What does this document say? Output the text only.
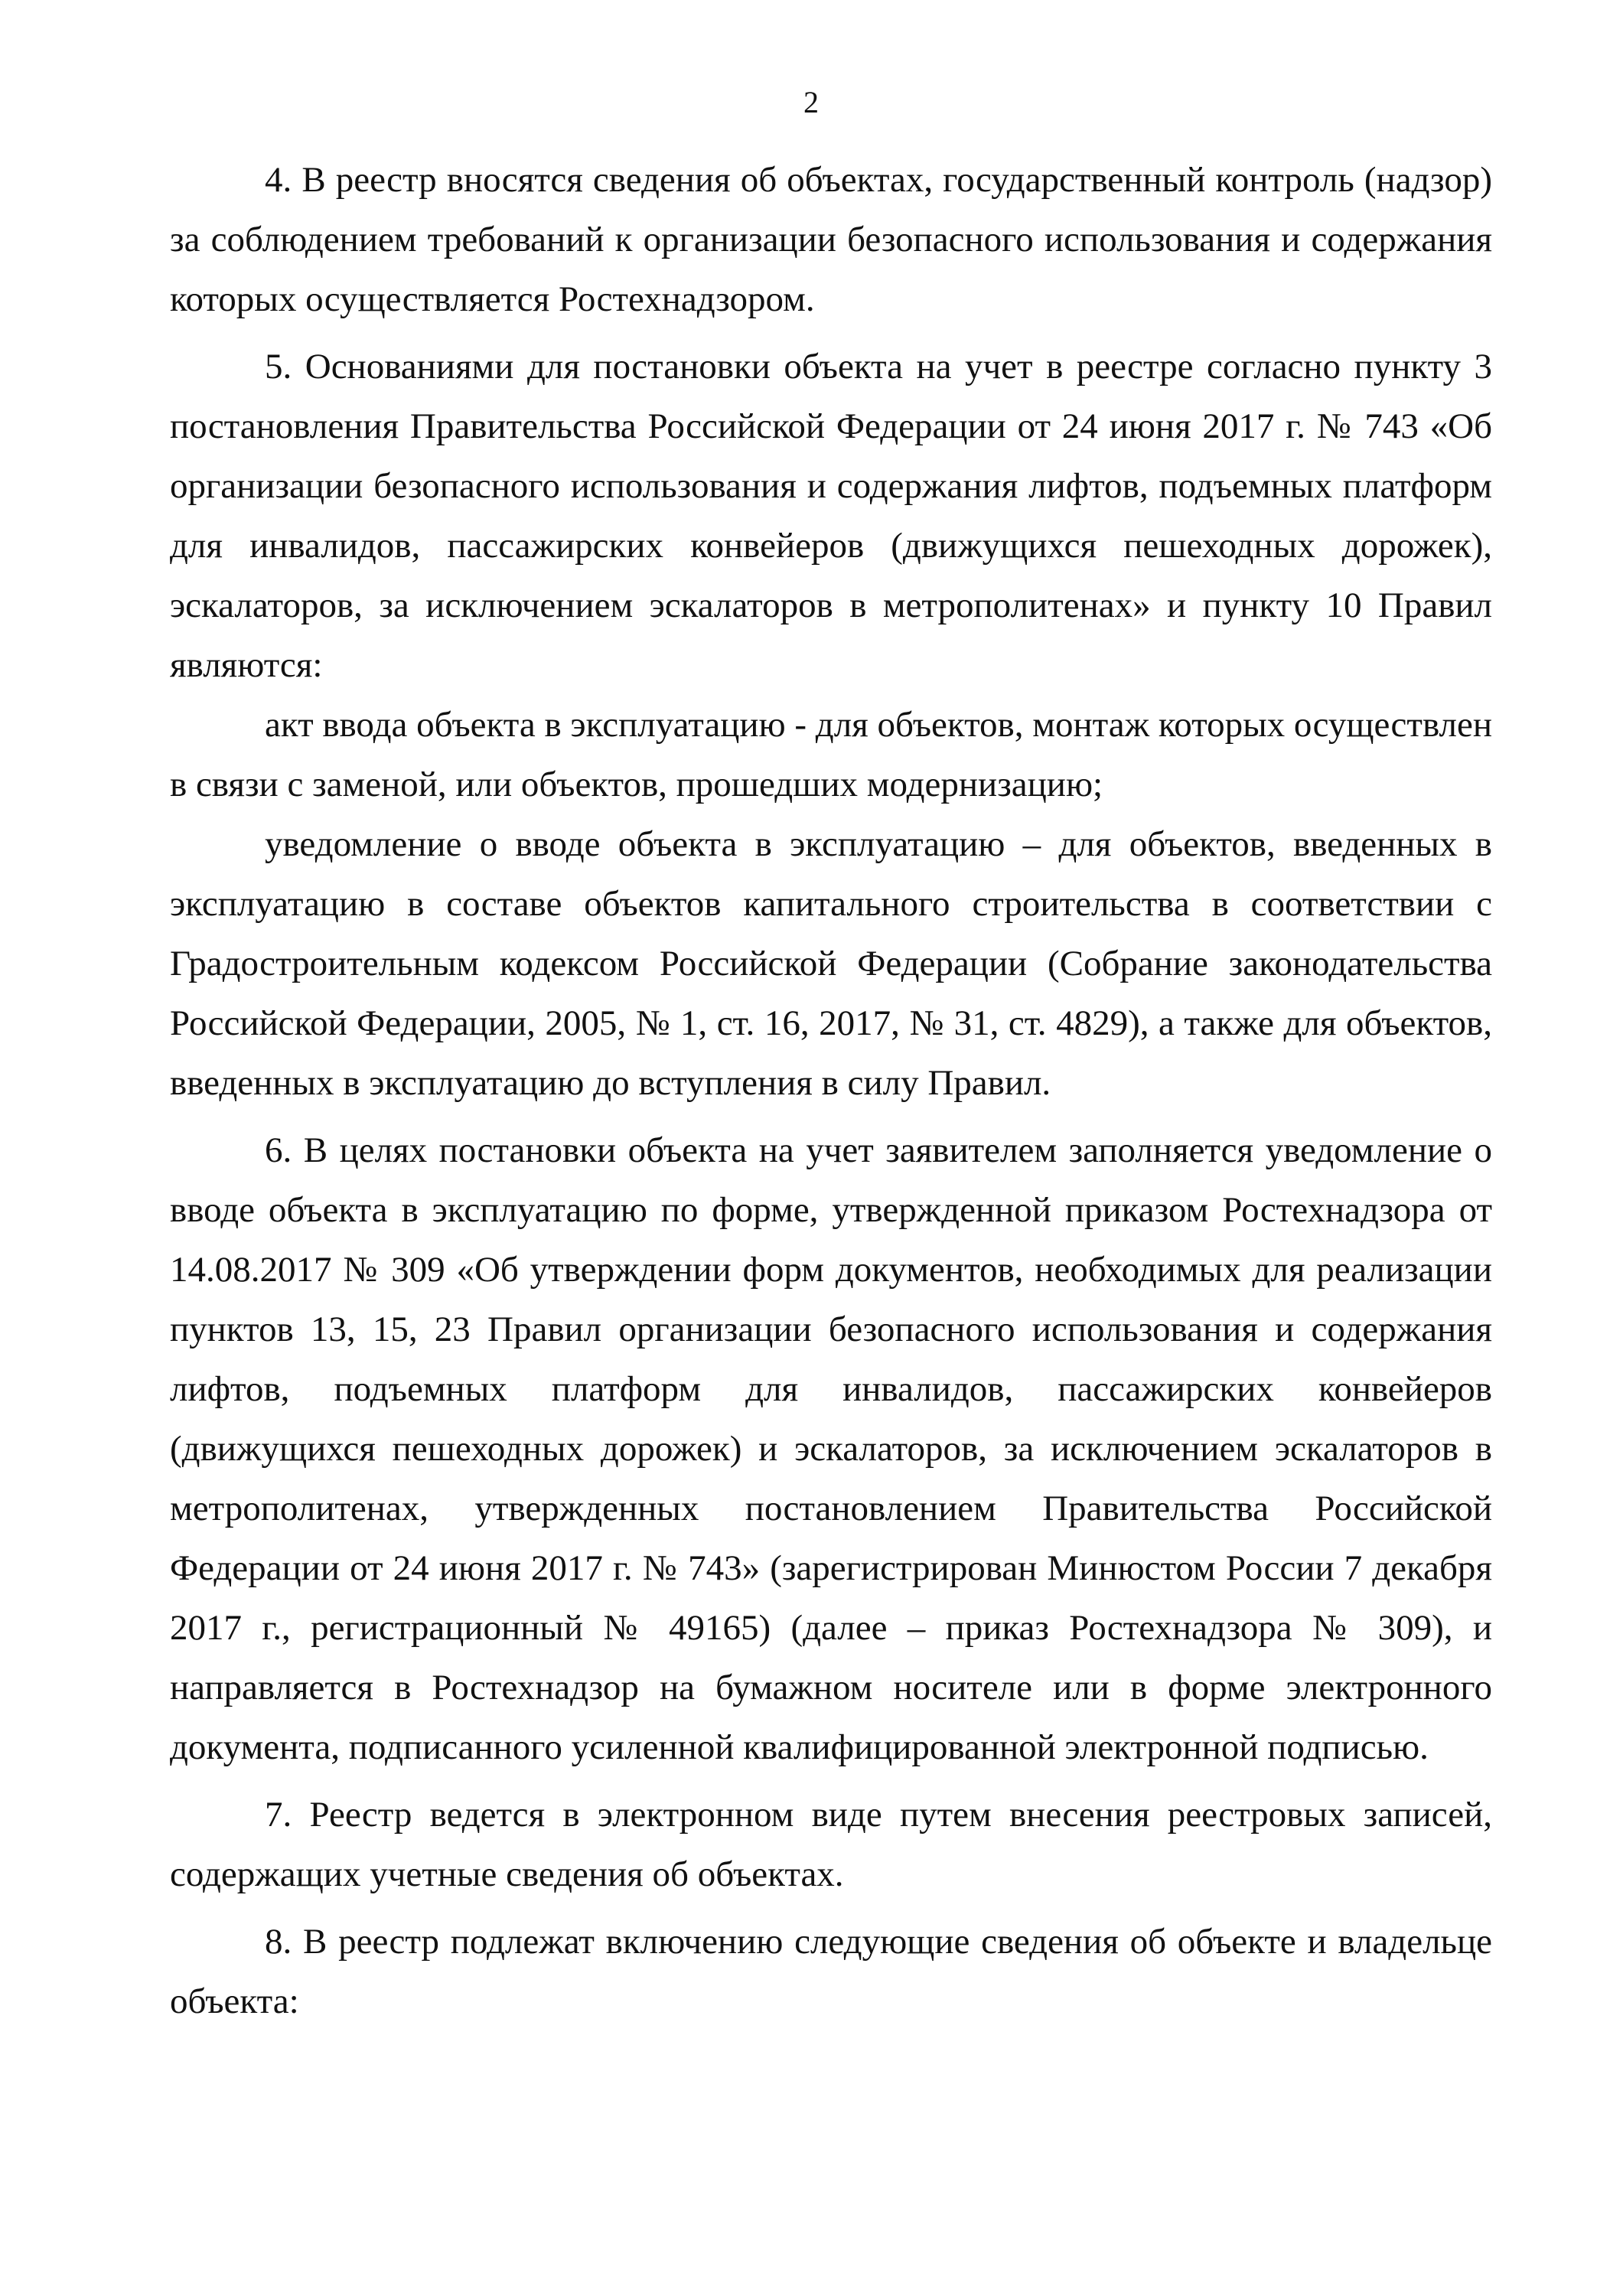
2

4. В реестр вносятся сведения об объектах, государственный контроль (надзор) за соблюдением требований к организации безопасного использования и содержания которых осуществляется Ростехнадзором.

5. Основаниями для постановки объекта на учет в реестре согласно пункту 3 постановления Правительства Российской Федерации от 24 июня 2017 г. № 743 «Об организации безопасного использования и содержания лифтов, подъемных платформ для инвалидов, пассажирских конвейеров (движущихся пешеходных дорожек), эскалаторов, за исключением эскалаторов в метрополитенах» и пункту 10 Правил являются:

акт ввода объекта в эксплуатацию - для объектов, монтаж которых осуществлен в связи с заменой, или объектов, прошедших модернизацию;

уведомление о вводе объекта в эксплуатацию – для объектов, введенных в эксплуатацию в составе объектов капитального строительства в соответствии с Градостроительным кодексом Российской Федерации (Собрание законодательства Российской Федерации, 2005, № 1, ст. 16, 2017, № 31, ст. 4829), а также для объектов, введенных в эксплуатацию до вступления в силу Правил.

6. В целях постановки объекта на учет заявителем заполняется уведомление о вводе объекта в эксплуатацию по форме, утвержденной приказом Ростехнадзора от 14.08.2017 № 309 «Об утверждении форм документов, необходимых для реализации пунктов 13, 15, 23 Правил организации безопасного использования и содержания лифтов, подъемных платформ для инвалидов, пассажирских конвейеров (движущихся пешеходных дорожек) и эскалаторов, за исключением эскалаторов в метрополитенах, утвержденных постановлением Правительства Российской Федерации от 24 июня 2017 г. № 743» (зарегистрирован Минюстом России 7 декабря 2017 г., регистрационный № 49165) (далее – приказ Ростехнадзора № 309), и направляется в Ростехнадзор на бумажном носителе или в форме электронного документа, подписанного усиленной квалифицированной электронной подписью.

7. Реестр ведется в электронном виде путем внесения реестровых записей, содержащих учетные сведения об объектах.

8. В реестр подлежат включению следующие сведения об объекте и владельце объекта:
